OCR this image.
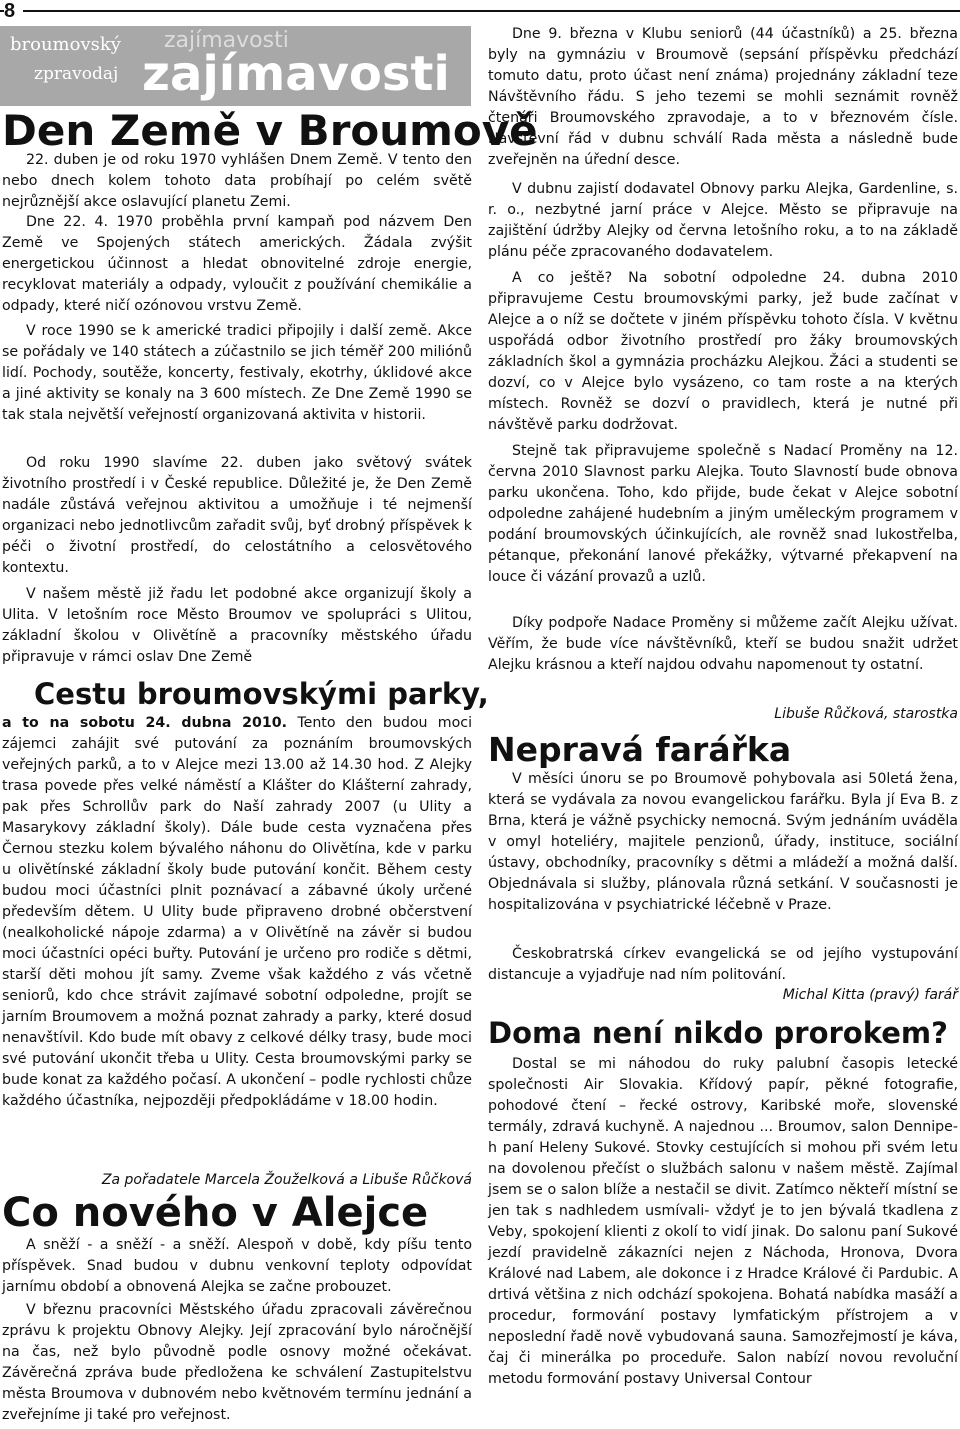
8
broumovský
zpravodaj
zajímavosti
zajímavosti
Den Země v Broumově

22. duben je od roku 1970 vyhlášen Dnem Země. V tento den nebo dnech kolem tohoto data probíhají po celém světě nejrůznější akce oslavující planetu Zemi.

Dne 22. 4. 1970 proběhla první kampaň pod názvem Den Země ve Spojených státech amerických. Žádala zvýšit energetickou účinnost a hledat obnovitelné zdroje energie, recyklovat materiály a odpady, vyloučit z používání chemikálie a odpady, které ničí ozónovou vrstvu Země.

V roce 1990 se k americké tradici připojily i další země. Akce se pořádaly ve 140 státech a zúčastnilo se jich téměř 200 miliónů lidí. Pochody, soutěže, koncerty, festivaly, ekotrhy, úklidové akce a jiné aktivity se konaly na 3 600 místech. Ze Dne Země 1990 se tak stala největší veřejností organizovaná aktivita v historii.

Od roku 1990 slavíme 22. duben jako světový svátek životního prostředí i v České republice. Důležité je, že Den Země nadále zůstává veřejnou aktivitou a umožňuje i té nejmenší organizaci nebo jednotlivcům zařadit svůj, byť drobný příspěvek k péči o životní prostředí, do celostátního a celosvětového kontextu.

V našem městě již řadu let podobné akce organizují školy a Ulita. V letošním roce Město Broumov ve spolupráci s Ulitou, základní školou v Olivětíně a pracovníky městského úřadu připravuje v rámci oslav Dne Země

Cestu broumovskými parky,

a to na sobotu 24. dubna 2010. Tento den budou moci zájemci zahájit své putování za poznáním broumovských veřejných parků, a to v Alejce mezi 13.00 až 14.30 hod. Z Alejky trasa povede přes velké náměstí a Klášter do Klášterní zahrady, pak přes Schrollův park do Naší zahrady 2007 (u Ulity a Masarykovy základní školy). Dále bude cesta vyznačena přes Černou stezku kolem bývalého náhonu do Olivětína, kde v parku u olivětínské základní školy bude putování končit. Během cesty budou moci účastníci plnit poznávací a zábavné úkoly určené především dětem. U Ulity bude připraveno drobné občerstvení (nealkoholické nápoje zdarma) a v Olivětíně na závěr si budou moci účastníci opéci buřty. Putování je určeno pro rodiče s dětmi, starší děti mohou jít samy. Zveme však každého z vás včetně seniorů, kdo chce strávit zajímavé sobotní odpoledne, projít se jarním Broumovem a možná poznat zahrady a parky, které dosud nenavštívil. Kdo bude mít obavy z celkové délky trasy, bude moci své putování ukončit třeba u Ulity. Cesta broumovskými parky se bude konat za každého počasí. A ukončení – podle rychlosti chůze každého účastníka, nejpozději předpokládáme v 18.00 hodin.

Za pořadatele Marcela Žouželková a Libuše Růčková
Co nového v Alejce

A sněží - a sněží - a sněží. Alespoň v době, kdy píšu tento příspěvek. Snad budou v dubnu venkovní teploty odpovídat jarnímu období a obnovená Alejka se začne probouzet.

V březnu pracovníci Městského úřadu zpracovali závěrečnou zprávu k projektu Obnovy Alejky. Její zpracování bylo náročnější na čas, než bylo původně podle osnovy možné očekávat. Závěrečná zpráva bude předložena ke schválení Zastupitelstvu města Broumova v dubnovém nebo květnovém termínu jednání a zveřejníme ji také pro veřejnost.

Dne 9. března v Klubu seniorů (44 účastníků) a 25. března byly na gymnáziu v Broumově (sepsání příspěvku předchází tomuto datu, proto účast není známa) projednány základní teze Návštěvního řádu. S jeho tezemi se mohli seznámit rovněž čtenáři Broumovského zpravodaje, a to v březnovém čísle. Návštěvní řád v dubnu schválí Rada města a následně bude zveřejněn na úřední desce.

V dubnu zajistí dodavatel Obnovy parku Alejka, Gardenline, s. r. o., nezbytné jarní práce v Alejce. Město se připravuje na zajištění údržby Alejky od června letošního roku, a to na základě plánu péče zpracovaného dodavatelem.

A co ještě? Na sobotní odpoledne 24. dubna 2010 připravujeme Cestu broumovskými parky, jež bude začínat v Alejce a o níž se dočtete v jiném příspěvku tohoto čísla. V květnu uspořádá odbor životního prostředí pro žáky broumovských základních škol a gymnázia procházku Alejkou. Žáci a studenti se dozví, co v Alejce bylo vysázeno, co tam roste a na kterých místech. Rovněž se dozví o pravidlech, která je nutné při návštěvě parku dodržovat.

Stejně tak připravujeme společně s Nadací Proměny na 12. června 2010 Slavnost parku Alejka. Touto Slavností bude obnova parku ukončena. Toho, kdo přijde, bude čekat v Alejce sobotní odpoledne zahájené hudebním a jiným uměleckým programem v podání broumovských účinkujících, ale rovněž snad lukostřelba, pétanque, překonání lanové překážky, výtvarné překapvení na louce či vázání provazů a uzlů.

Díky podpoře Nadace Proměny si můžeme začít Alejku užívat. Věřím, že bude více návštěvníků, kteří se budou snažit udržet Alejku krásnou a kteří najdou odvahu napomenout ty ostatní.

Libuše Růčková, starostka
Nepravá farářka

V měsíci únoru se po Broumově pohybovala asi 50letá žena, která se vydávala za novou evangelickou farářku. Byla jí Eva B. z Brna, která je vážně psychicky nemocná. Svým jednáním uváděla v omyl hoteliéry, majitele penzionů, úřady, instituce, sociální ústavy, obchodníky, pracovníky s dětmi a mládeží a možná další. Objednávala si služby, plánovala různá setkání. V současnosti je hospitalizována v psychiatrické léčebně v Praze.

Českobratrská církev evangelická se od jejího vystupování distancuje a vyjadřuje nad ním politování.

Michal Kitta (pravý) farář
Doma není nikdo prorokem?

Dostal se mi náhodou do ruky palubní časopis letecké společnosti Air Slovakia. Křídový papír, pěkné fotografie, pohodové čtení – řecké ostrovy, Karibské moře, slovenské termály, zdravá kuchyně. A najednou ... Broumov, salon Dennipe-h paní Heleny Sukové. Stovky cestujících si mohou při svém letu na dovolenou přečíst o službách salonu v našem městě. Zajímal jsem se o salon blíže a nestačil se divit. Zatímco někteří místní se jen tak s nadhledem usmívali- vždyť je to jen bývalá tkadlena z Veby, spokojení klienti z okolí to vidí jinak. Do salonu paní Sukové jezdí pravidelně zákazníci nejen z Náchoda, Hronova, Dvora Králové nad Labem, ale dokonce i z Hradce Králové či Pardubic. A drtivá většina z nich odchází spokojena. Bohatá nabídka masáží a procedur, formování postavy lymfatickým přístrojem a v neposlední řadě nově vybudovaná sauna. Samozřejmostí je káva, čaj či minerálka po proceduře. Salon nabízí novou revoluční metodu formování postavy Universal Contour
